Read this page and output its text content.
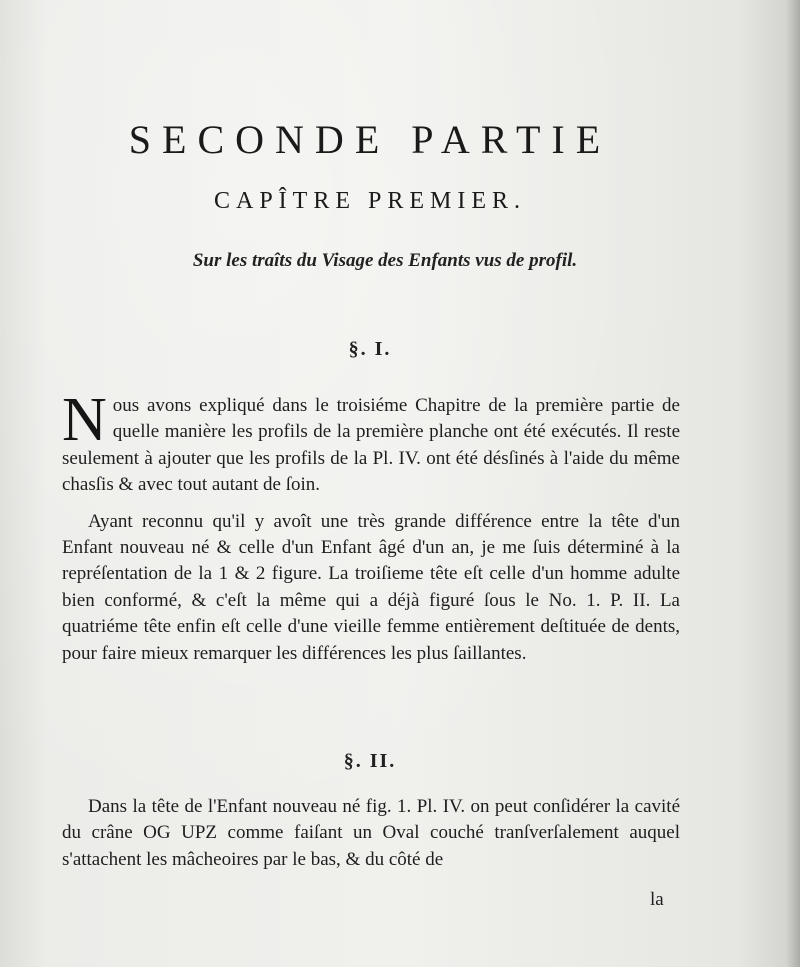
SECONDE PARTIE
CAPÎTRE PREMIER.
Sur les traîts du Visage des Enfants vus de profil.
§. I.

Nous avons expliqué dans le troisiéme Chapitre de la première partie de quelle manière les profils de la première planche ont été exécutés. Il reste seulement à ajouter que les profils de la Pl. IV. ont été désſinés à l'aide du même chasſis & avec tout autant de ſoin.

Ayant reconnu qu'il y avoît une très grande différence entre la tête d'un Enfant nouveau né & celle d'un Enfant âgé d'un an, je me ſuis déterminé à la repréſentation de la 1 & 2 figure. La troiſieme tête eſt celle d'un homme adulte bien conformé, & c'eſt la même qui a déjà figuré ſous le No. 1. P. II. La quatriéme tête enfin eſt celle d'une vieille femme entièrement deſtituée de dents, pour faire mieux remarquer les différences les plus ſaillantes.

§. II.

Dans la tête de l'Enfant nouveau né fig. 1. Pl. IV. on peut conſidérer la cavité du crâne OG UPZ comme faiſant un Oval couché tranſverſalement auquel s'attachent les mâcheoires par le bas, & du côté de

la
